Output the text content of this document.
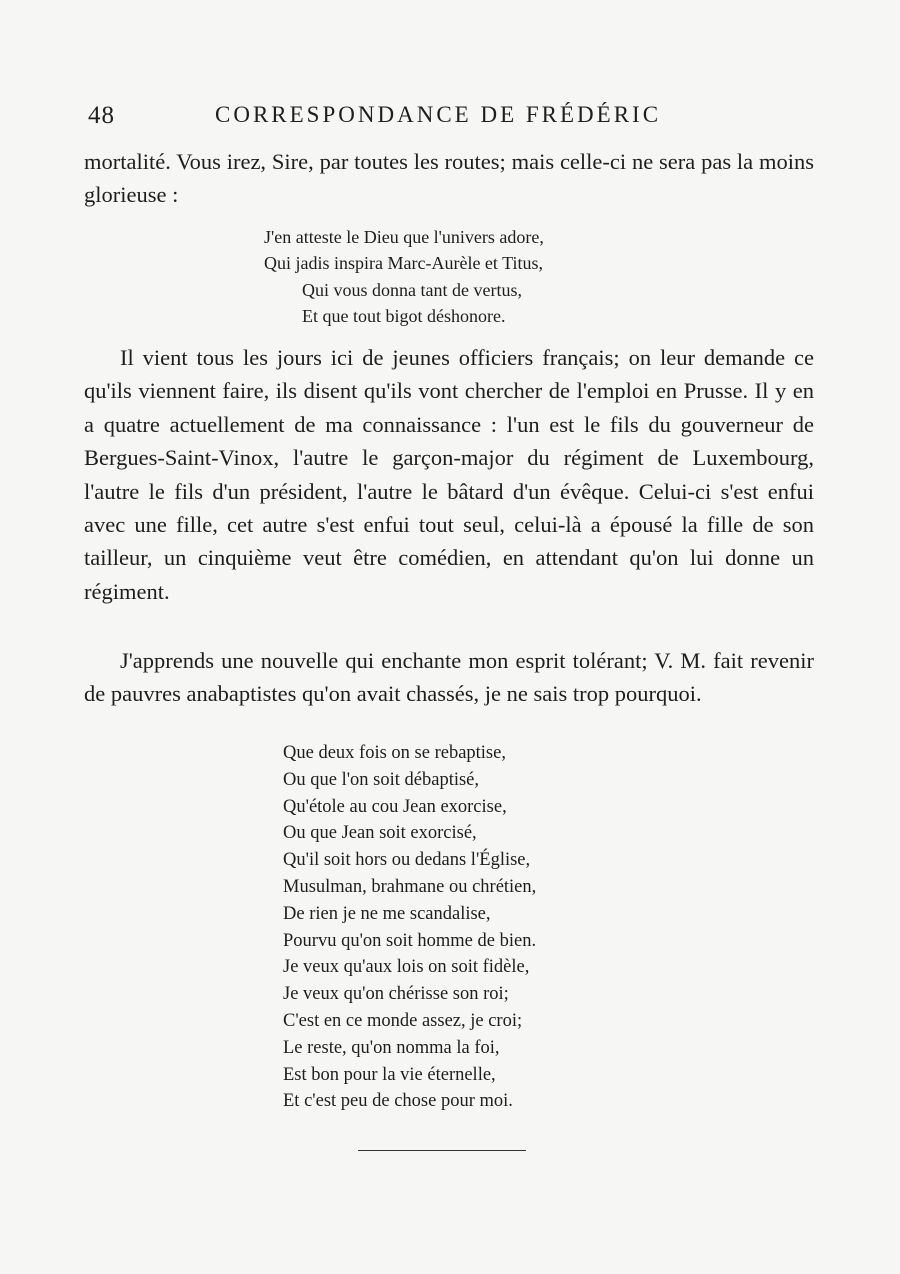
48	CORRESPONDANCE DE FRÉDÉRIC

mortalité. Vous irez, Sire, par toutes les routes; mais celle-ci ne sera pas la moins glorieuse :

J'en atteste le Dieu que l'univers adore,
Qui jadis inspira Marc-Aurèle et Titus,
Qui vous donna tant de vertus,
Et que tout bigot déshonore.

Il vient tous les jours ici de jeunes officiers français; on leur demande ce qu'ils viennent faire, ils disent qu'ils vont chercher de l'emploi en Prusse. Il y en a quatre actuellement de ma connaissance : l'un est le fils du gouverneur de Bergues-Saint-Vinox, l'autre le garçon-major du régiment de Luxembourg, l'autre le fils d'un président, l'autre le bâtard d'un évêque. Celui-ci s'est enfui avec une fille, cet autre s'est enfui tout seul, celui-là a épousé la fille de son tailleur, un cinquième veut être comédien, en attendant qu'on lui donne un régiment.

J'apprends une nouvelle qui enchante mon esprit tolérant; V. M. fait revenir de pauvres anabaptistes qu'on avait chassés, je ne sais trop pourquoi.

Que deux fois on se rebaptise,
Ou que l'on soit débaptisé,
Qu'étole au cou Jean exorcise,
Ou que Jean soit exorcisé,
Qu'il soit hors ou dedans l'Église,
Musulman, brahmane ou chrétien,
De rien je ne me scandalise,
Pourvu qu'on soit homme de bien.
Je veux qu'aux lois on soit fidèle,
Je veux qu'on chérisse son roi;
C'est en ce monde assez, je croi;
Le reste, qu'on nomma la foi,
Est bon pour la vie éternelle,
Et c'est peu de chose pour moi.
